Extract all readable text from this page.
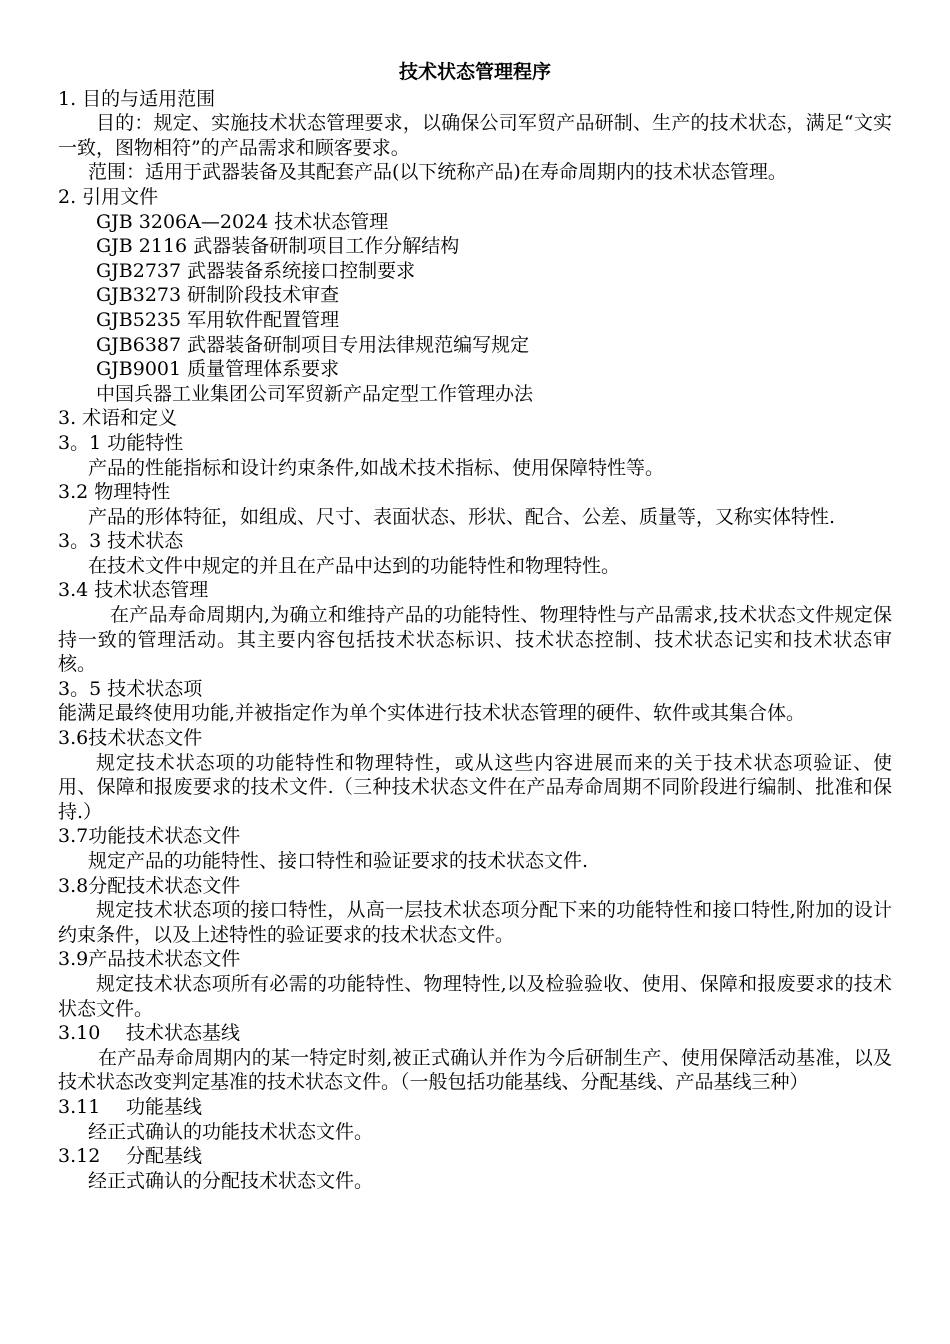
技术状态管理程序
1. 目的与适用范围
目的：规定、实施技术状态管理要求，以确保公司军贸产品研制、生产的技术状态，满足“文实一致，图物相符”的产品需求和顾客要求。
范围：适用于武器装备及其配套产品(以下统称产品)在寿命周期内的技术状态管理。
2. 引用文件
GJB 3206A—2024 技术状态管理
GJB 2116 武器装备研制项目工作分解结构
GJB2737 武器装备系统接口控制要求
GJB3273 研制阶段技术审查
GJB5235 军用软件配置管理
GJB6387 武器装备研制项目专用法律规范编写规定
GJB9001 质量管理体系要求
中国兵器工业集团公司军贸新产品定型工作管理办法
3. 术语和定义
3。1 功能特性
产品的性能指标和设计约束条件,如战术技术指标、使用保障特性等。
3.2 物理特性
产品的形体特征，如组成、尺寸、表面状态、形状、配合、公差、质量等，又称实体特性.
3。3 技术状态
在技术文件中规定的并且在产品中达到的功能特性和物理特性。
3.4 技术状态管理
在产品寿命周期内,为确立和维持产品的功能特性、物理特性与产品需求,技术状态文件规定保持一致的管理活动。其主要内容包括技术状态标识、技术状态控制、技术状态记实和技术状态审核。
3。5 技术状态项
能满足最终使用功能,并被指定作为单个实体进行技术状态管理的硬件、软件或其集合体。
3.6技术状态文件
规定技术状态项的功能特性和物理特性，或从这些内容进展而来的关于技术状态项验证、使用、保障和报废要求的技术文件.（三种技术状态文件在产品寿命周期不同阶段进行编制、批准和保持.）
3.7功能技术状态文件
规定产品的功能特性、接口特性和验证要求的技术状态文件.
3.8分配技术状态文件
规定技术状态项的接口特性，从高一层技术状态项分配下来的功能特性和接口特性,附加的设计约束条件，以及上述特性的验证要求的技术状态文件。
3.9产品技术状态文件
规定技术状态项所有必需的功能特性、物理特性,以及检验验收、使用、保障和报废要求的技术状态文件。
3.10 技术状态基线
在产品寿命周期内的某一特定时刻,被正式确认并作为今后研制生产、使用保障活动基准，以及技术状态改变判定基准的技术状态文件。（一般包括功能基线、分配基线、产品基线三种）
3.11 功能基线
经正式确认的功能技术状态文件。
3.12 分配基线
经正式确认的分配技术状态文件。
